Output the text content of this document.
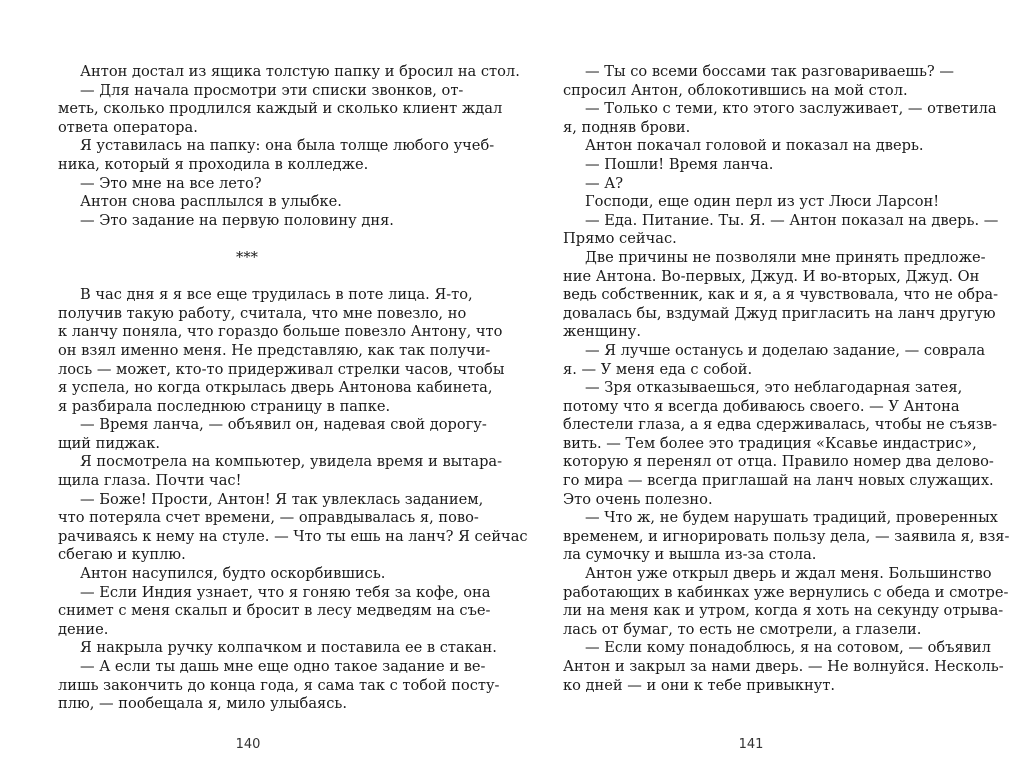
Антон достал из ящика толстую папку и бросил на стол.
— Для начала просмотри эти списки звонков, от-
меть, сколько продлился каждый и сколько клиент ждал
ответа оператора.
Я уставилась на папку: она была толще любого учеб-
ника, который я проходила в колледже.
— Это мне на все лето?
Антон снова расплылся в улыбке.
— Это задание на первую половину дня.
***
В час дня я я все еще трудилась в поте лица. Я-то,
получив такую работу, считала, что мне повезло, но
к ланчу поняла, что гораздо больше повезло Антону, что
он взял именно меня. Не представляю, как так получи-
лось — может, кто-то придерживал стрелки часов, чтобы
я успела, но когда открылась дверь Антонова кабинета,
я разбирала последнюю страницу в папке.
— Время ланча, — объявил он, надевая свой дорогу-
щий пиджак.
Я посмотрела на компьютер, увидела время и вытара-
щила глаза. Почти час!
— Боже! Прости, Антон! Я так увлеклась заданием,
что потеряла счет времени, — оправдывалась я, пово-
рачиваясь к нему на стуле. — Что ты ешь на ланч? Я сейчас
сбегаю и куплю.
Антон насупился, будто оскорбившись.
— Если Индия узнает, что я гоняю тебя за кофе, она
снимет с меня скальп и бросит в лесу медведям на съе-
дение.
Я накрыла ручку колпачком и поставила ее в стакан.
— А если ты дашь мне еще одно такое задание и ве-
лишь закончить до конца года, я сама так с тобой посту-
плю, — пообещала я, мило улыбаясь.
— Ты со всеми боссами так разговариваешь? —
спросил Антон, облокотившись на мой стол.
— Только с теми, кто этого заслуживает, — ответила
я, подняв брови.
Антон покачал головой и показал на дверь.
— Пошли! Время ланча.
— А?
Господи, еще один перл из уст Люси Ларсон!
— Еда. Питание. Ты. Я. — Антон показал на дверь. —
Прямо сейчас.
Две причины не позволяли мне принять предложе-
ние Антона. Во-первых, Джуд. И во-вторых, Джуд. Он
ведь собственник, как и я, а я чувствовала, что не обра-
довалась бы, вздумай Джуд пригласить на ланч другую
женщину.
— Я лучше останусь и доделаю задание, — соврала
я. — У меня еда с собой.
— Зря отказываешься, это неблагодарная затея,
потому что я всегда добиваюсь своего. — У Антона
блестели глаза, а я едва сдерживалась, чтобы не съязв-
вить. — Тем более это традиция «Ксавье индастрис»,
которую я перенял от отца. Правило номер два делово-
го мира — всегда приглашай на ланч новых служащих.
Это очень полезно.
— Что ж, не будем нарушать традиций, проверенных
временем, и игнорировать пользу дела, — заявила я, взя-
ла сумочку и вышла из-за стола.
Антон уже открыл дверь и ждал меня. Большинство
работающих в кабинках уже вернулись с обеда и смотре-
ли на меня как и утром, когда я хоть на секунду отрыва-
лась от бумаг, то есть не смотрели, а глазели.
— Если кому понадоблюсь, я на сотовом, — объявил
Антон и закрыл за нами дверь. — Не волнуйся. Несколь-
ко дней — и они к тебе привыкнут.
140	141
